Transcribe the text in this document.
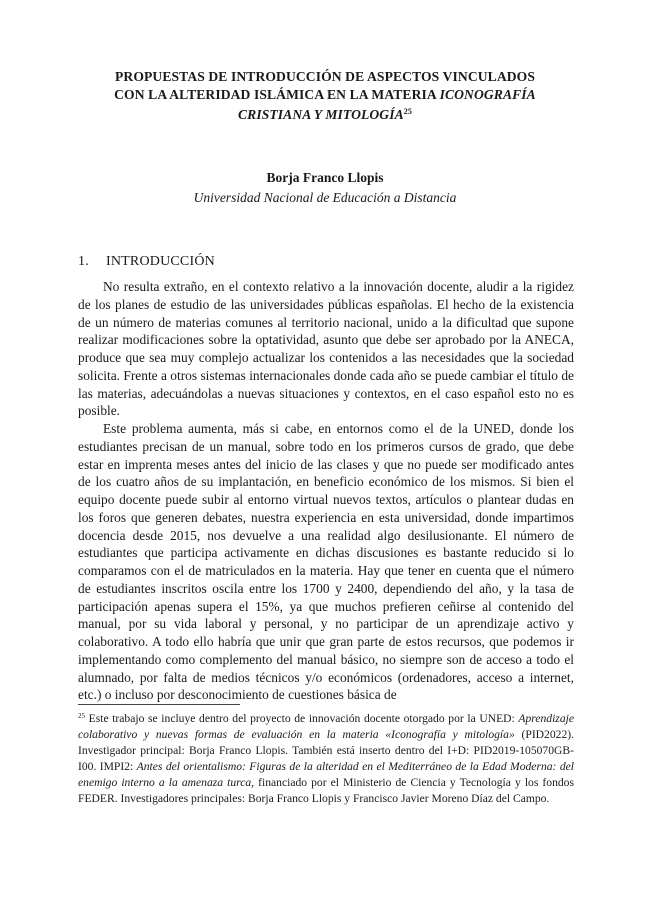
PROPUESTAS DE INTRODUCCIÓN DE ASPECTOS VINCULADOS
CON LA ALTERIDAD ISLÁMICA EN LA MATERIA ICONOGRAFÍA
CRISTIANA Y MITOLOGÍA$^{25}$
Borja Franco Llopis
Universidad Nacional de Educación a Distancia
1. INTRODUCCIÓN

No resulta extraño, en el contexto relativo a la innovación docente, aludir a la rigidez de los planes de estudio de las universidades públicas españolas. El hecho de la existencia de un número de materias comunes al territorio nacional, unido a la dificultad que supone realizar modificaciones sobre la optatividad, asunto que debe ser aprobado por la ANECA, produce que sea muy complejo actualizar los contenidos a las necesidades que la sociedad solicita. Frente a otros sistemas internacionales donde cada año se puede cambiar el título de las materias, adecuándolas a nuevas situaciones y contextos, en el caso español esto no es posible.

Este problema aumenta, más si cabe, en entornos como el de la UNED, donde los estudiantes precisan de un manual, sobre todo en los primeros cursos de grado, que debe estar en imprenta meses antes del inicio de las clases y que no puede ser modificado antes de los cuatro años de su implantación, en beneficio económico de los mismos. Si bien el equipo docente puede subir al entorno virtual nuevos textos, artículos o plantear dudas en los foros que generen debates, nuestra experiencia en esta universidad, donde impartimos docencia desde 2015, nos devuelve a una realidad algo desilusionante. El número de estudiantes que participa activamente en dichas discusiones es bastante reducido si lo comparamos con el de matriculados en la materia. Hay que tener en cuenta que el número de estudiantes inscritos oscila entre los 1700 y 2400, dependiendo del año, y la tasa de participación apenas supera el 15%, ya que muchos prefieren ceñirse al contenido del manual, por su vida laboral y personal, y no participar de un aprendizaje activo y colaborativo. A todo ello habría que unir que gran parte de estos recursos, que podemos ir implementando como complemento del manual básico, no siempre son de acceso a todo el alumnado, por falta de medios técnicos y/o económicos (ordenadores, acceso a internet, etc.) o incluso por desconocimiento de cuestiones básica de

$^{25}$ Este trabajo se incluye dentro del proyecto de innovación docente otorgado por la UNED: Aprendizaje colaborativo y nuevas formas de evaluación en la materia «Iconografía y mitología» (PID2022). Investigador principal: Borja Franco Llopis. También está inserto dentro del I+D: PID2019-105070GB-I00. IMPI2: Antes del orientalismo: Figuras de la alteridad en el Mediterráneo de la Edad Moderna: del enemigo interno a la amenaza turca, financiado por el Ministerio de Ciencia y Tecnología y los fondos FEDER. Investigadores principales: Borja Franco Llopis y Francisco Javier Moreno Díaz del Campo.
